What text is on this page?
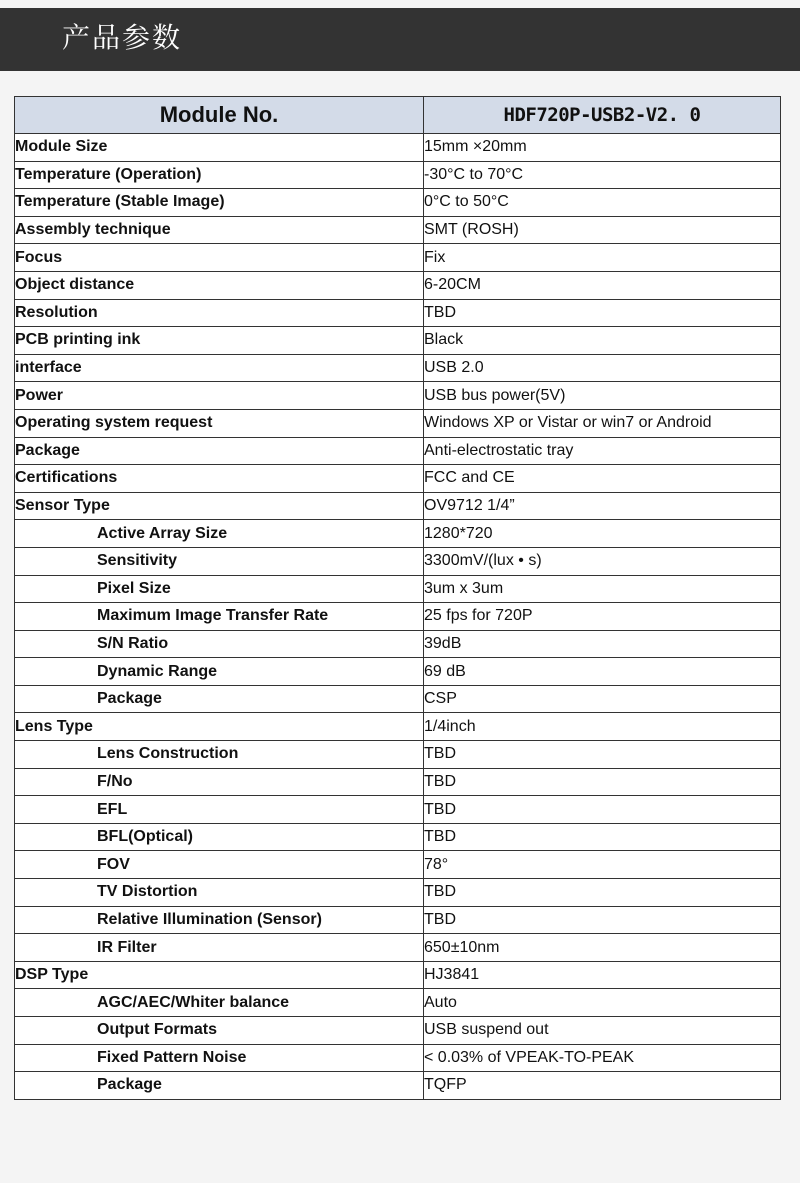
产品参数
Module No.	HDF720P-USB2-V2. 0

Module Size	15mm ×20mm
Temperature (Operation)	-30°C to 70°C
Temperature (Stable Image)	0°C to 50°C
Assembly technique	SMT (ROSH)
Focus	Fix
Object distance	6-20CM
Resolution	TBD
PCB printing ink	Black
interface	USB 2.0
Power	USB bus power(5V)
Operating system request	Windows XP or Vistar or win7 or Android
Package	Anti-electrostatic tray
Certifications	FCC and CE
Sensor Type	OV9712 1/4”
Active Array Size	1280*720
Sensitivity	3300mV/(lux • s)
Pixel Size	3um x 3um
Maximum Image Transfer Rate	25 fps for 720P
S/N Ratio	39dB
Dynamic Range	69 dB
Package	CSP
Lens Type	1/4inch
Lens Construction	TBD
F/No	TBD
EFL	TBD
BFL(Optical)	TBD
FOV	78°
TV Distortion	TBD
Relative Illumination (Sensor)	TBD
IR Filter	650±10nm
DSP Type	HJ3841
AGC/AEC/Whiter balance	Auto
Output Formats	USB suspend out
Fixed Pattern Noise	< 0.03% of VPEAK-TO-PEAK
Package	TQFP
